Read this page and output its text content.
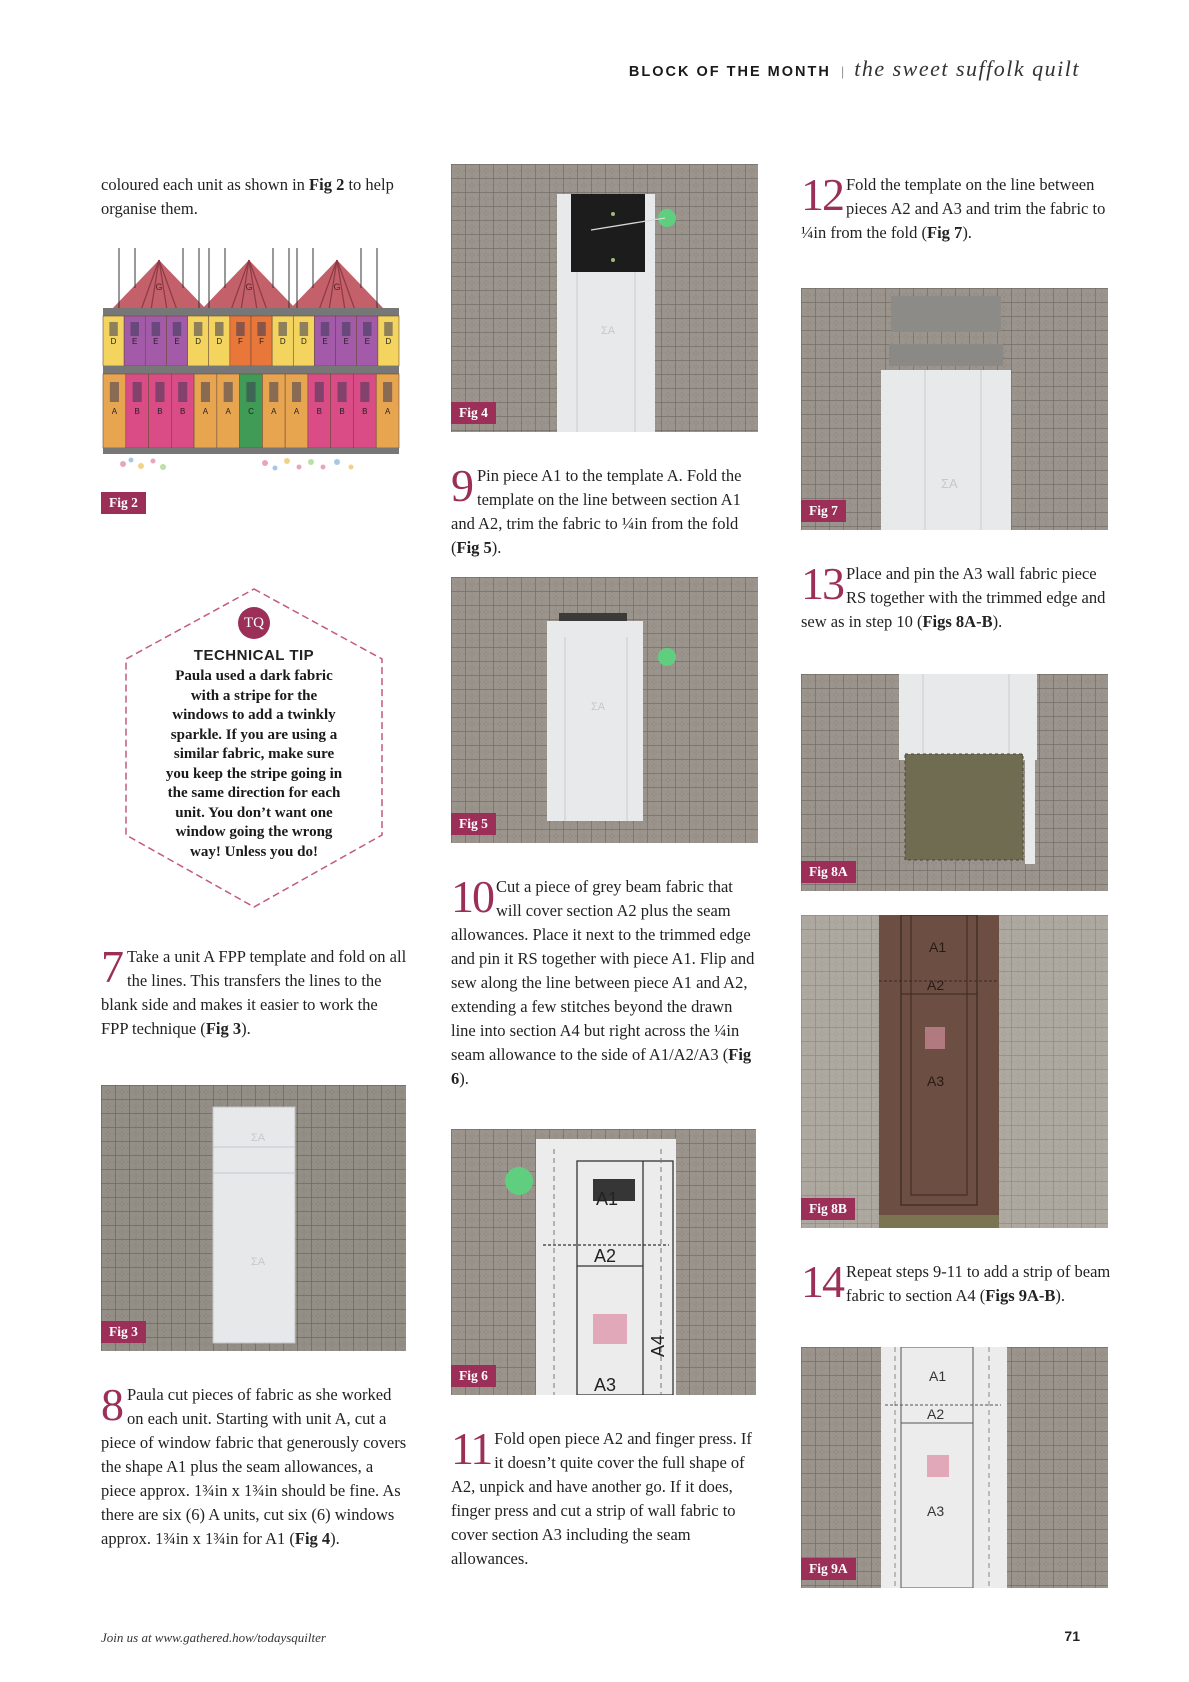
BLOCK OF THE MONTH | the sweet suffolk quilt

coloured each unit as shown in Fig 2 to help organise them.

G	G	G
D E E E D D F F D D E E E D
A B B B A A C A A B B B A
Fig 2
TQ
TECHNICAL TIP
Paula used a dark fabric
with a stripe for the
windows to add a twinkly
sparkle. If you are using a
similar fabric, make sure
you keep the stripe going in
the same direction for each
unit. You don’t want one
window going the wrong
way! Unless you do!
7 Take a unit A FPP template and fold on all the lines. This transfers the lines to the blank side and makes it easier to work the FPP technique (Fig 3).
ΣA
ΣA
Fig 3
8 Paula cut pieces of fabric as she worked on each unit. Starting with unit A, cut a piece of window fabric that generously covers the shape A1 plus the seam allowances, a piece approx. 1¾in x 1¾in should be fine. As there are six (6) A units, cut six (6) windows approx. 1¾in x 1¾in for A1 (Fig 4).
ΣA
Fig 4
9 Pin piece A1 to the template A. Fold the template on the line between section A1 and A2, trim the fabric to ¼in from the fold (Fig 5).
ΣA
Fig 5
10 Cut a piece of grey beam fabric that will cover section A2 plus the seam allowances. Place it next to the trimmed edge and pin it RS together with piece A1. Flip and sew along the line between piece A1 and A2, extending a few stitches beyond the drawn line into section A4 but right across the ¼in seam allowance to the side of A1/A2/A3 (Fig 6).
A1
A2
A3
A4
Fig 6
11 Fold open piece A2 and finger press. If it doesn’t quite cover the full shape of A2, unpick and have another go. If it does, finger press and cut a strip of wall fabric to cover section A3 including the seam allowances.
12 Fold the template on the line between pieces A2 and A3 and trim the fabric to ¼in from the fold (Fig 7).
ΣA
Fig 7
13 Place and pin the A3 wall fabric piece RS together with the trimmed edge and sew as in step 10 (Figs 8A-B).
Fig 8A
A1
A2
A3
Fig 8B
14 Repeat steps 9-11 to add a strip of beam fabric to section A4 (Figs 9A-B).
A1
A2
A3
Fig 9A
Join us at www.gathered.how/todaysquilter	71
